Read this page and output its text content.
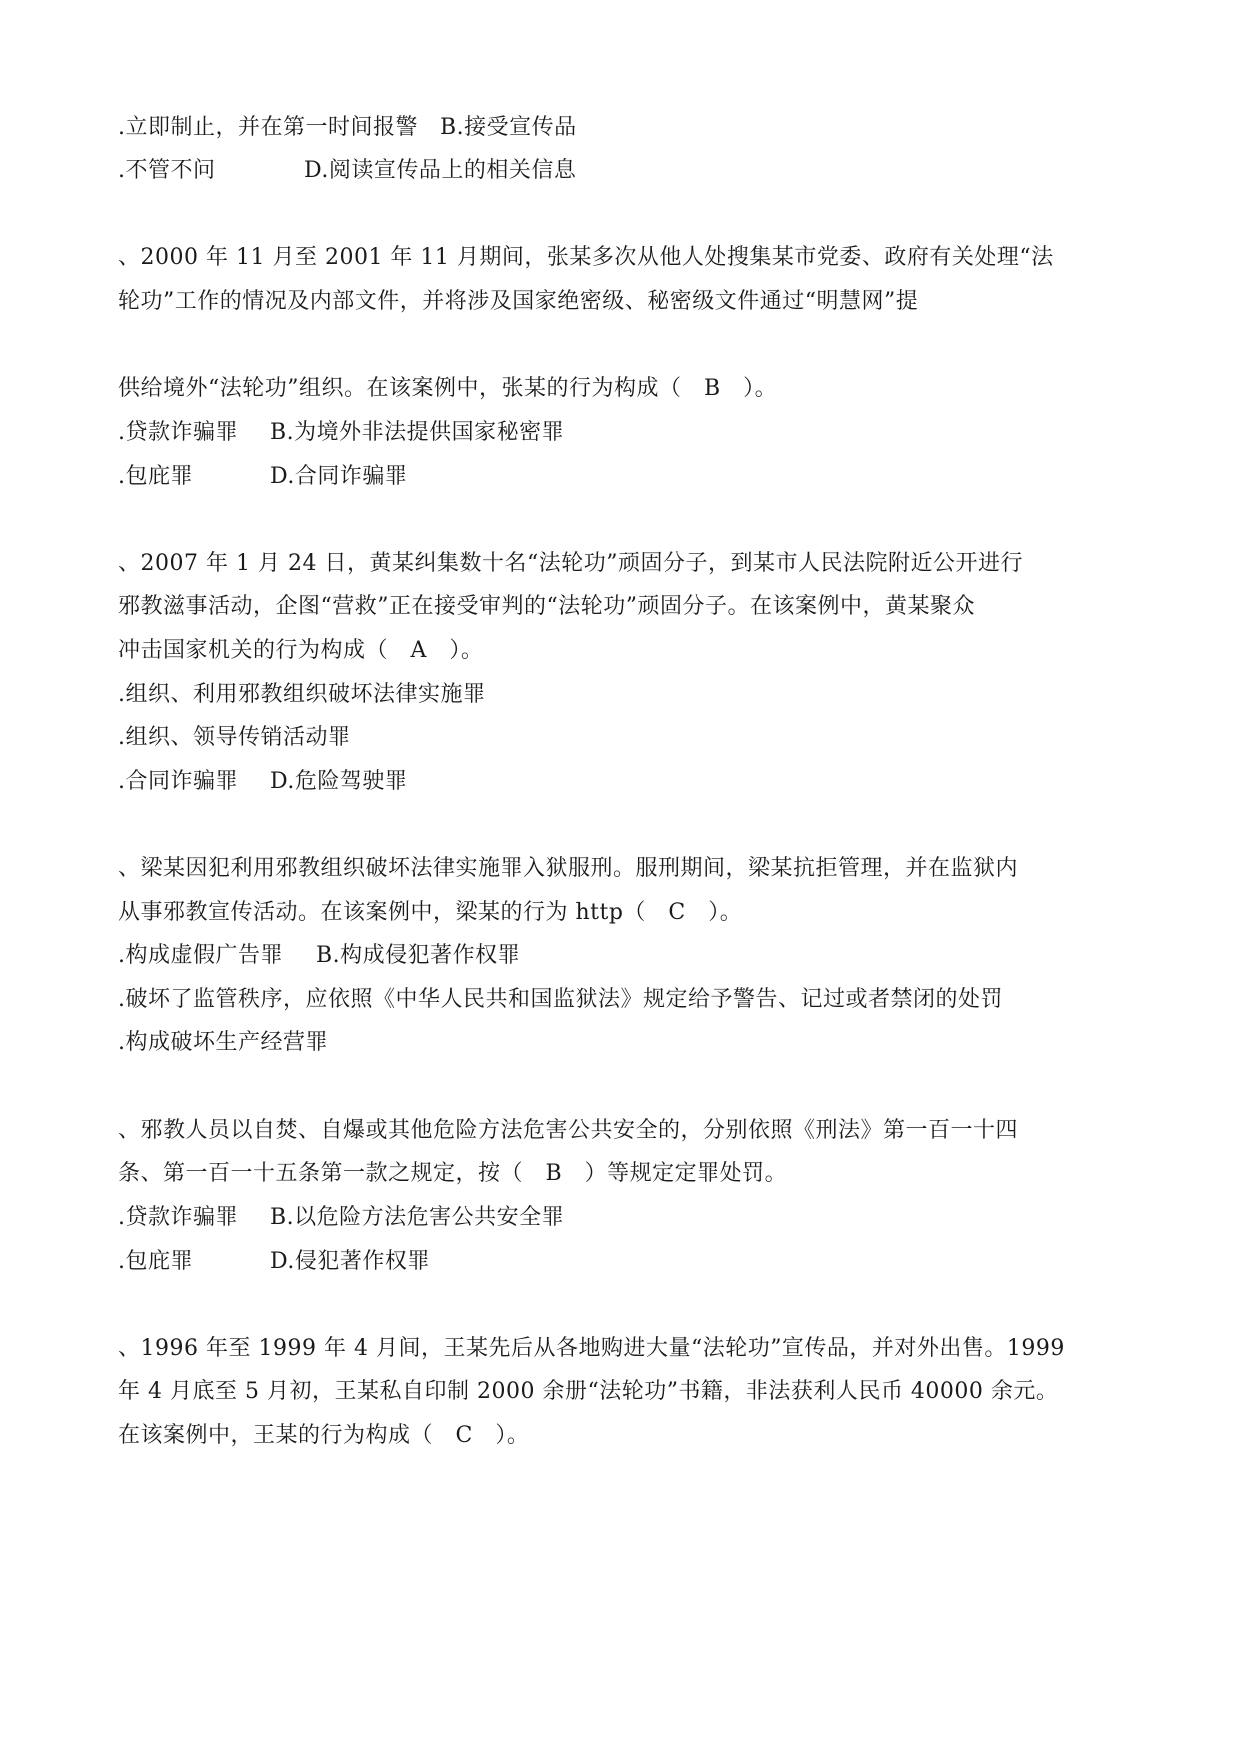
.立即制止，并在第一时间报警

B.接受宣传品

.不管不问

	D.阅读宣传品上的相关信息

、2000 年 11 月至 2001 年 11 月期间，张某多次从他人处搜集某市党委、政府有关处理“法
轮功”工作的情况及内部文件，并将涉及国家绝密级、秘密级文件通过“明慧网”提
供给境外“法轮功”组织。在该案例中，张某的行为构成（　B　）。

.贷款诈骗罪

B.为境外非法提供国家秘密罪

.包庇罪

	D.合同诈骗罪

、2007 年 1 月 24 日，黄某纠集数十名“法轮功”顽固分子，到某市人民法院附近公开进行
邪教滋事活动，企图“营救”正在接受审判的“法轮功”顽固分子。在该案例中，黄某聚众
冲击国家机关的行为构成（　A　）。
.组织、利用邪教组织破坏法律实施罪
.组织、领导传销活动罪

.合同诈骗罪

D.危险驾驶罪

、梁某因犯利用邪教组织破坏法律实施罪入狱服刑。服刑期间，梁某抗拒管理，并在监狱内
从事邪教宣传活动。在该案例中，梁某的行为 http（　C　）。

.构成虚假广告罪

B.构成侵犯著作权罪

.破坏了监管秩序，应依照《中华人民共和国监狱法》规定给予警告、记过或者禁闭的处罚
.构成破坏生产经营罪
、邪教人员以自焚、自爆或其他危险方法危害公共安全的，分别依照《刑法》第一百一十四
条、第一百一十五条第一款之规定，按（　B　）等规定定罪处罚。

.贷款诈骗罪

B.以危险方法危害公共安全罪

.包庇罪

	D.侵犯著作权罪

、1996 年至 1999 年 4 月间，王某先后从各地购进大量“法轮功”宣传品，并对外出售。1999
年 4 月底至 5 月初，王某私自印制 2000 余册“法轮功”书籍，非法获利人民币 40000 余元。
在该案例中，王某的行为构成（　C　）。
